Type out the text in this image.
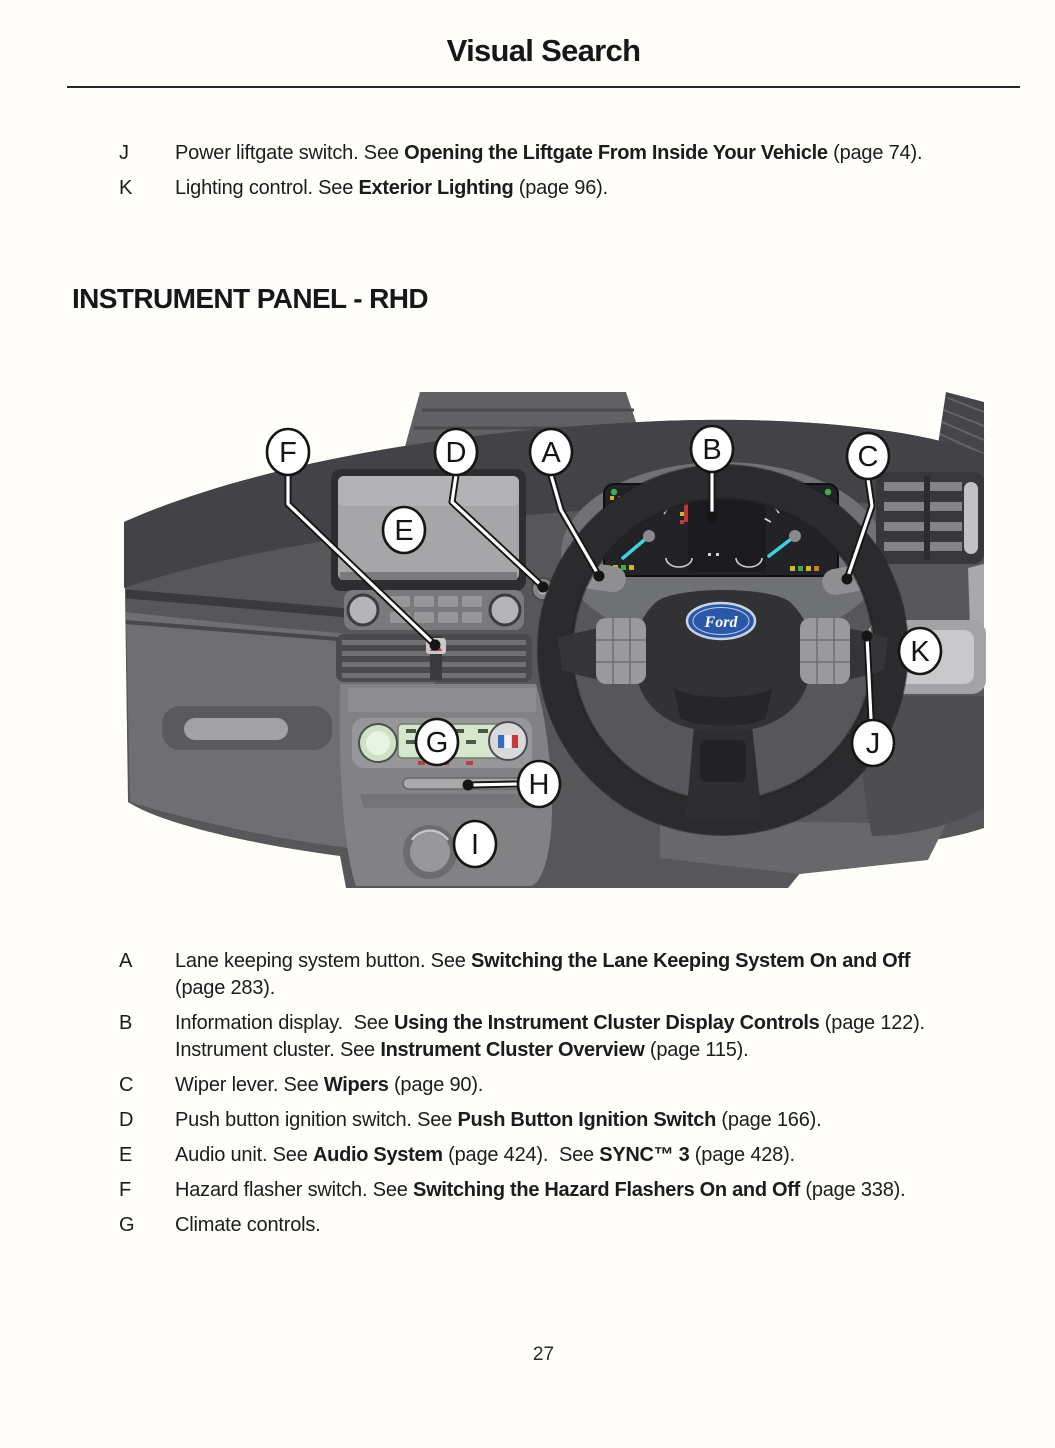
Visual Search
J	Power liftgate switch. See Opening the Liftgate From Inside Your Vehicle (page 74).
K	Lighting control. See Exterior Lighting (page 96).
INSTRUMENT PANEL - RHD
Ford
F	D	A	B	C
E
K
J
G
H
I
A	Lane keeping system button. See Switching the Lane Keeping System On and Off (page 283).
B	Information display.  See Using the Instrument Cluster Display Controls (page 122). Instrument cluster. See Instrument Cluster Overview (page 115).
C	Wiper lever. See Wipers (page 90).
D	Push button ignition switch. See Push Button Ignition Switch (page 166).
E	Audio unit. See Audio System (page 424).  See SYNC™ 3 (page 428).
F	Hazard flasher switch. See Switching the Hazard Flashers On and Off (page 338).
G	Climate controls.
27
